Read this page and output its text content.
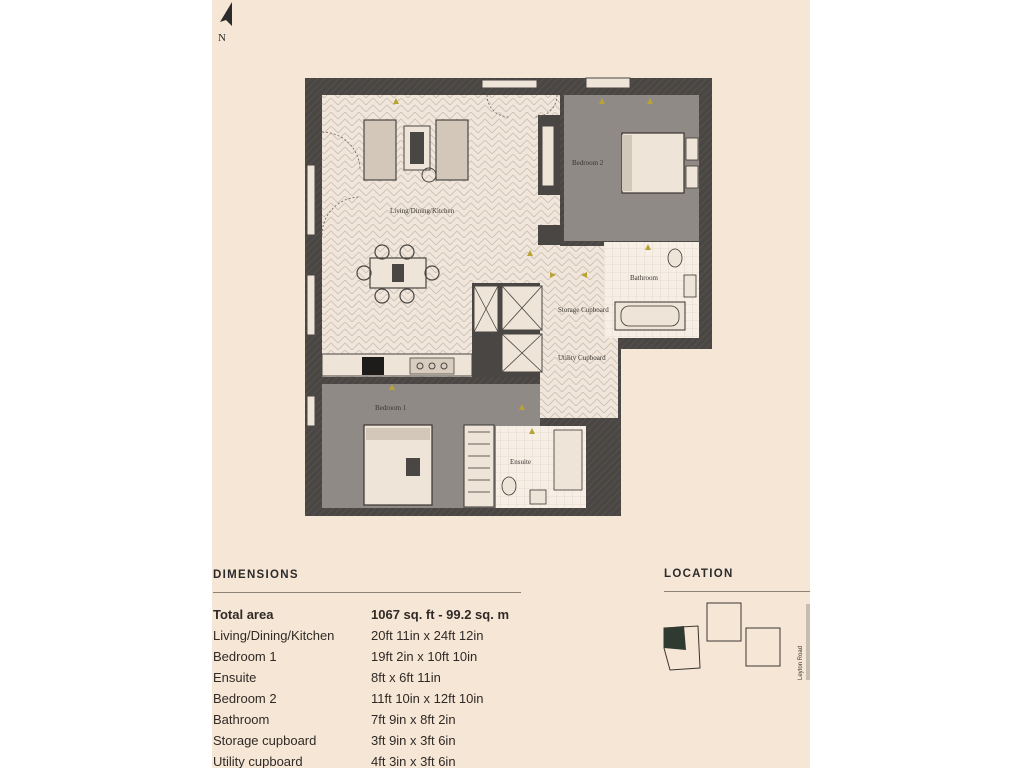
Living/Dining/Kitchen
Bedroom 2
Bathroom
Storage Cupboard
Utility Cupboard
Bedroom 1
Ensuite
N
DIMENSIONS
Total area	1067 sq. ft - 99.2 sq. m
Living/Dining/Kitchen	20ft 11in x 24ft 12in
Bedroom 1	19ft 2in x 10ft 10in
Ensuite	8ft x 6ft 11in
Bedroom 2	11ft 10in x 12ft 10in
Bathroom	7ft 9in x 8ft 2in
Storage cupboard	3ft 9in x 3ft 6in
Utility cupboard	4ft 3in x 3ft 6in
LOCATION
Leyton Road
